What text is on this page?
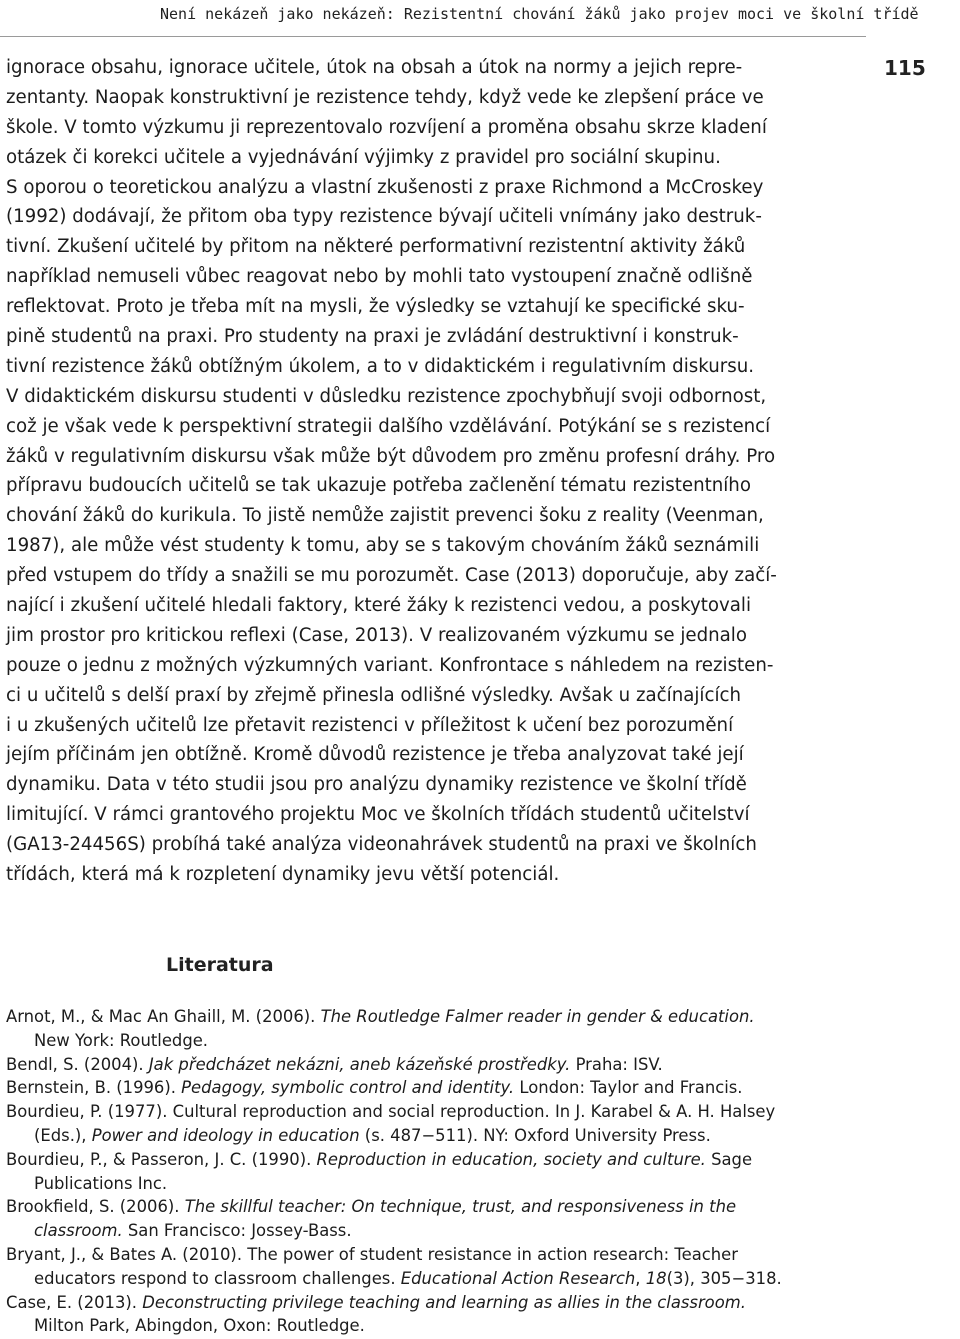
Není nekázeň jako nekázeň: Rezistentní chování žáků jako projev moci ve školní třídě
115
ignorace obsahu, ignorace učitele, útok na obsah a útok na normy a jejich repre-
zentanty. Naopak konstruktivní je rezistence tehdy, když vede ke zlepšení práce ve
škole. V tomto výzkumu ji reprezentovalo rozvíjení a proměna obsahu skrze kladení
otázek či korekci učitele a vyjednávání výjimky z pravidel pro sociální skupinu.
S oporou o teoretickou analýzu a vlastní zkušenosti z praxe Richmond a McCroskey
(1992) dodávají, že přitom oba typy rezistence bývají učiteli vnímány jako destruk-
tivní. Zkušení učitelé by přitom na některé performativní rezistentní aktivity žáků
například nemuseli vůbec reagovat nebo by mohli tato vystoupení značně odlišně
reflektovat. Proto je třeba mít na mysli, že výsledky se vztahují ke specifické sku-
pině studentů na praxi. Pro studenty na praxi je zvládání destruktivní i konstruk-
tivní rezistence žáků obtížným úkolem, a to v didaktickém i regulativním diskursu.
V didaktickém diskursu studenti v důsledku rezistence zpochybňují svoji odbornost,
což je však vede k perspektivní strategii dalšího vzdělávání. Potýkání se s rezistencí
žáků v regulativním diskursu však může být důvodem pro změnu profesní dráhy. Pro
přípravu budoucích učitelů se tak ukazuje potřeba začlenění tématu rezistentního
chování žáků do kurikula. To jistě nemůže zajistit prevenci šoku z reality (Veenman,
1987), ale může vést studenty k tomu, aby se s takovým chováním žáků seznámili
před vstupem do třídy a snažili se mu porozumět. Case (2013) doporučuje, aby začí-
nající i zkušení učitelé hledali faktory, které žáky k rezistenci vedou, a poskytovali
jim prostor pro kritickou reflexi (Case, 2013). V realizovaném výzkumu se jednalo
pouze o jednu z možných výzkumných variant. Konfrontace s náhledem na rezisten-
ci u učitelů s delší praxí by zřejmě přinesla odlišné výsledky. Avšak u začínajících
i u zkušených učitelů lze přetavit rezistenci v příležitost k učení bez porozumění
jejím příčinám jen obtížně. Kromě důvodů rezistence je třeba analyzovat také její
dynamiku. Data v této studii jsou pro analýzu dynamiky rezistence ve školní třídě
limitující. V rámci grantového projektu Moc ve školních třídách studentů učitelství
(GA13-24456S) probíhá také analýza videonahrávek studentů na praxi ve školních
třídách, která má k rozpletení dynamiky jevu větší potenciál.
Literatura
Arnot, M., & Mac An Ghaill, M. (2006). The Routledge Falmer reader in gender & education.
New York: Routledge.
Bendl, S. (2004). Jak předcházet nekázni, aneb kázeňské prostředky. Praha: ISV.
Bernstein, B. (1996). Pedagogy, symbolic control and identity. London: Taylor and Francis.
Bourdieu, P. (1977). Cultural reproduction and social reproduction. In J. Karabel & A. H. Halsey
(Eds.), Power and ideology in education (s. 487−511). NY: Oxford University Press.
Bourdieu, P., & Passeron, J. C. (1990). Reproduction in education, society and culture. Sage
Publications Inc.
Brookfield, S. (2006). The skillful teacher: On technique, trust, and responsiveness in the
classroom. San Francisco: Jossey-Bass.
Bryant, J., & Bates A. (2010). The power of student resistance in action research: Teacher
educators respond to classroom challenges. Educational Action Research, 18(3), 305−318.
Case, E. (2013). Deconstructing privilege teaching and learning as allies in the classroom.
Milton Park, Abingdon, Oxon: Routledge.
